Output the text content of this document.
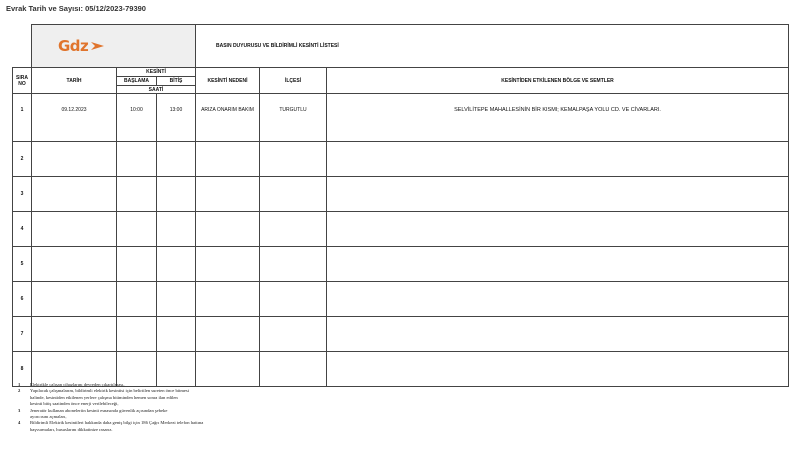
Evrak Tarih ve Sayısı: 05/12/2023-79390

	Gdz			BASIN DUYURUSU VE BİLDİRİMLİ KESİNTİ LİSTESİ		
SIRA NO	TARİH	KESİNTİ		KESİNTİ NEDENİ	İLÇESİ	KESİNTİDEN ETKİLENEN BÖLGE VE SEMTLER
		BAŞLAMA	BİTİŞ			
		SAATİ				
1	09.12.2023	10:00	13:00	ARIZA ONARIM BAKIM	TURGUTLU	SELVİLİTEPE MAHALLESİNİN BİR KISMI; KEMALPAŞA YOLU CD. VE CİVARLARI.
2						
3						
4						
5						
6						
7						
8						
1	Elektrikle çalışan cihazlarını devreden çıkartılması,
2	Yapılacak çalışmalarım, bildirimli elektrik kesintisi için belirtilen sureten önce bitmesi
halinde, kesintiden etkilenen yerlere çalışma bitiminden hemen sonra ilan edilen
kesinti bitiş saatinden önce enerji verilebileceği,
3	Jeneratör kullanan aboneleriin kesinti esnasında güvenlik açısından şebeke
ayırıcısını açmaları,
4	Bildirimli Elektrik kesintileri hakkında daha geniş bilgi için 186 Çağrı Merkezi telefon hattına
başvurmaları, hususlarını dikkatinize rasarız.
